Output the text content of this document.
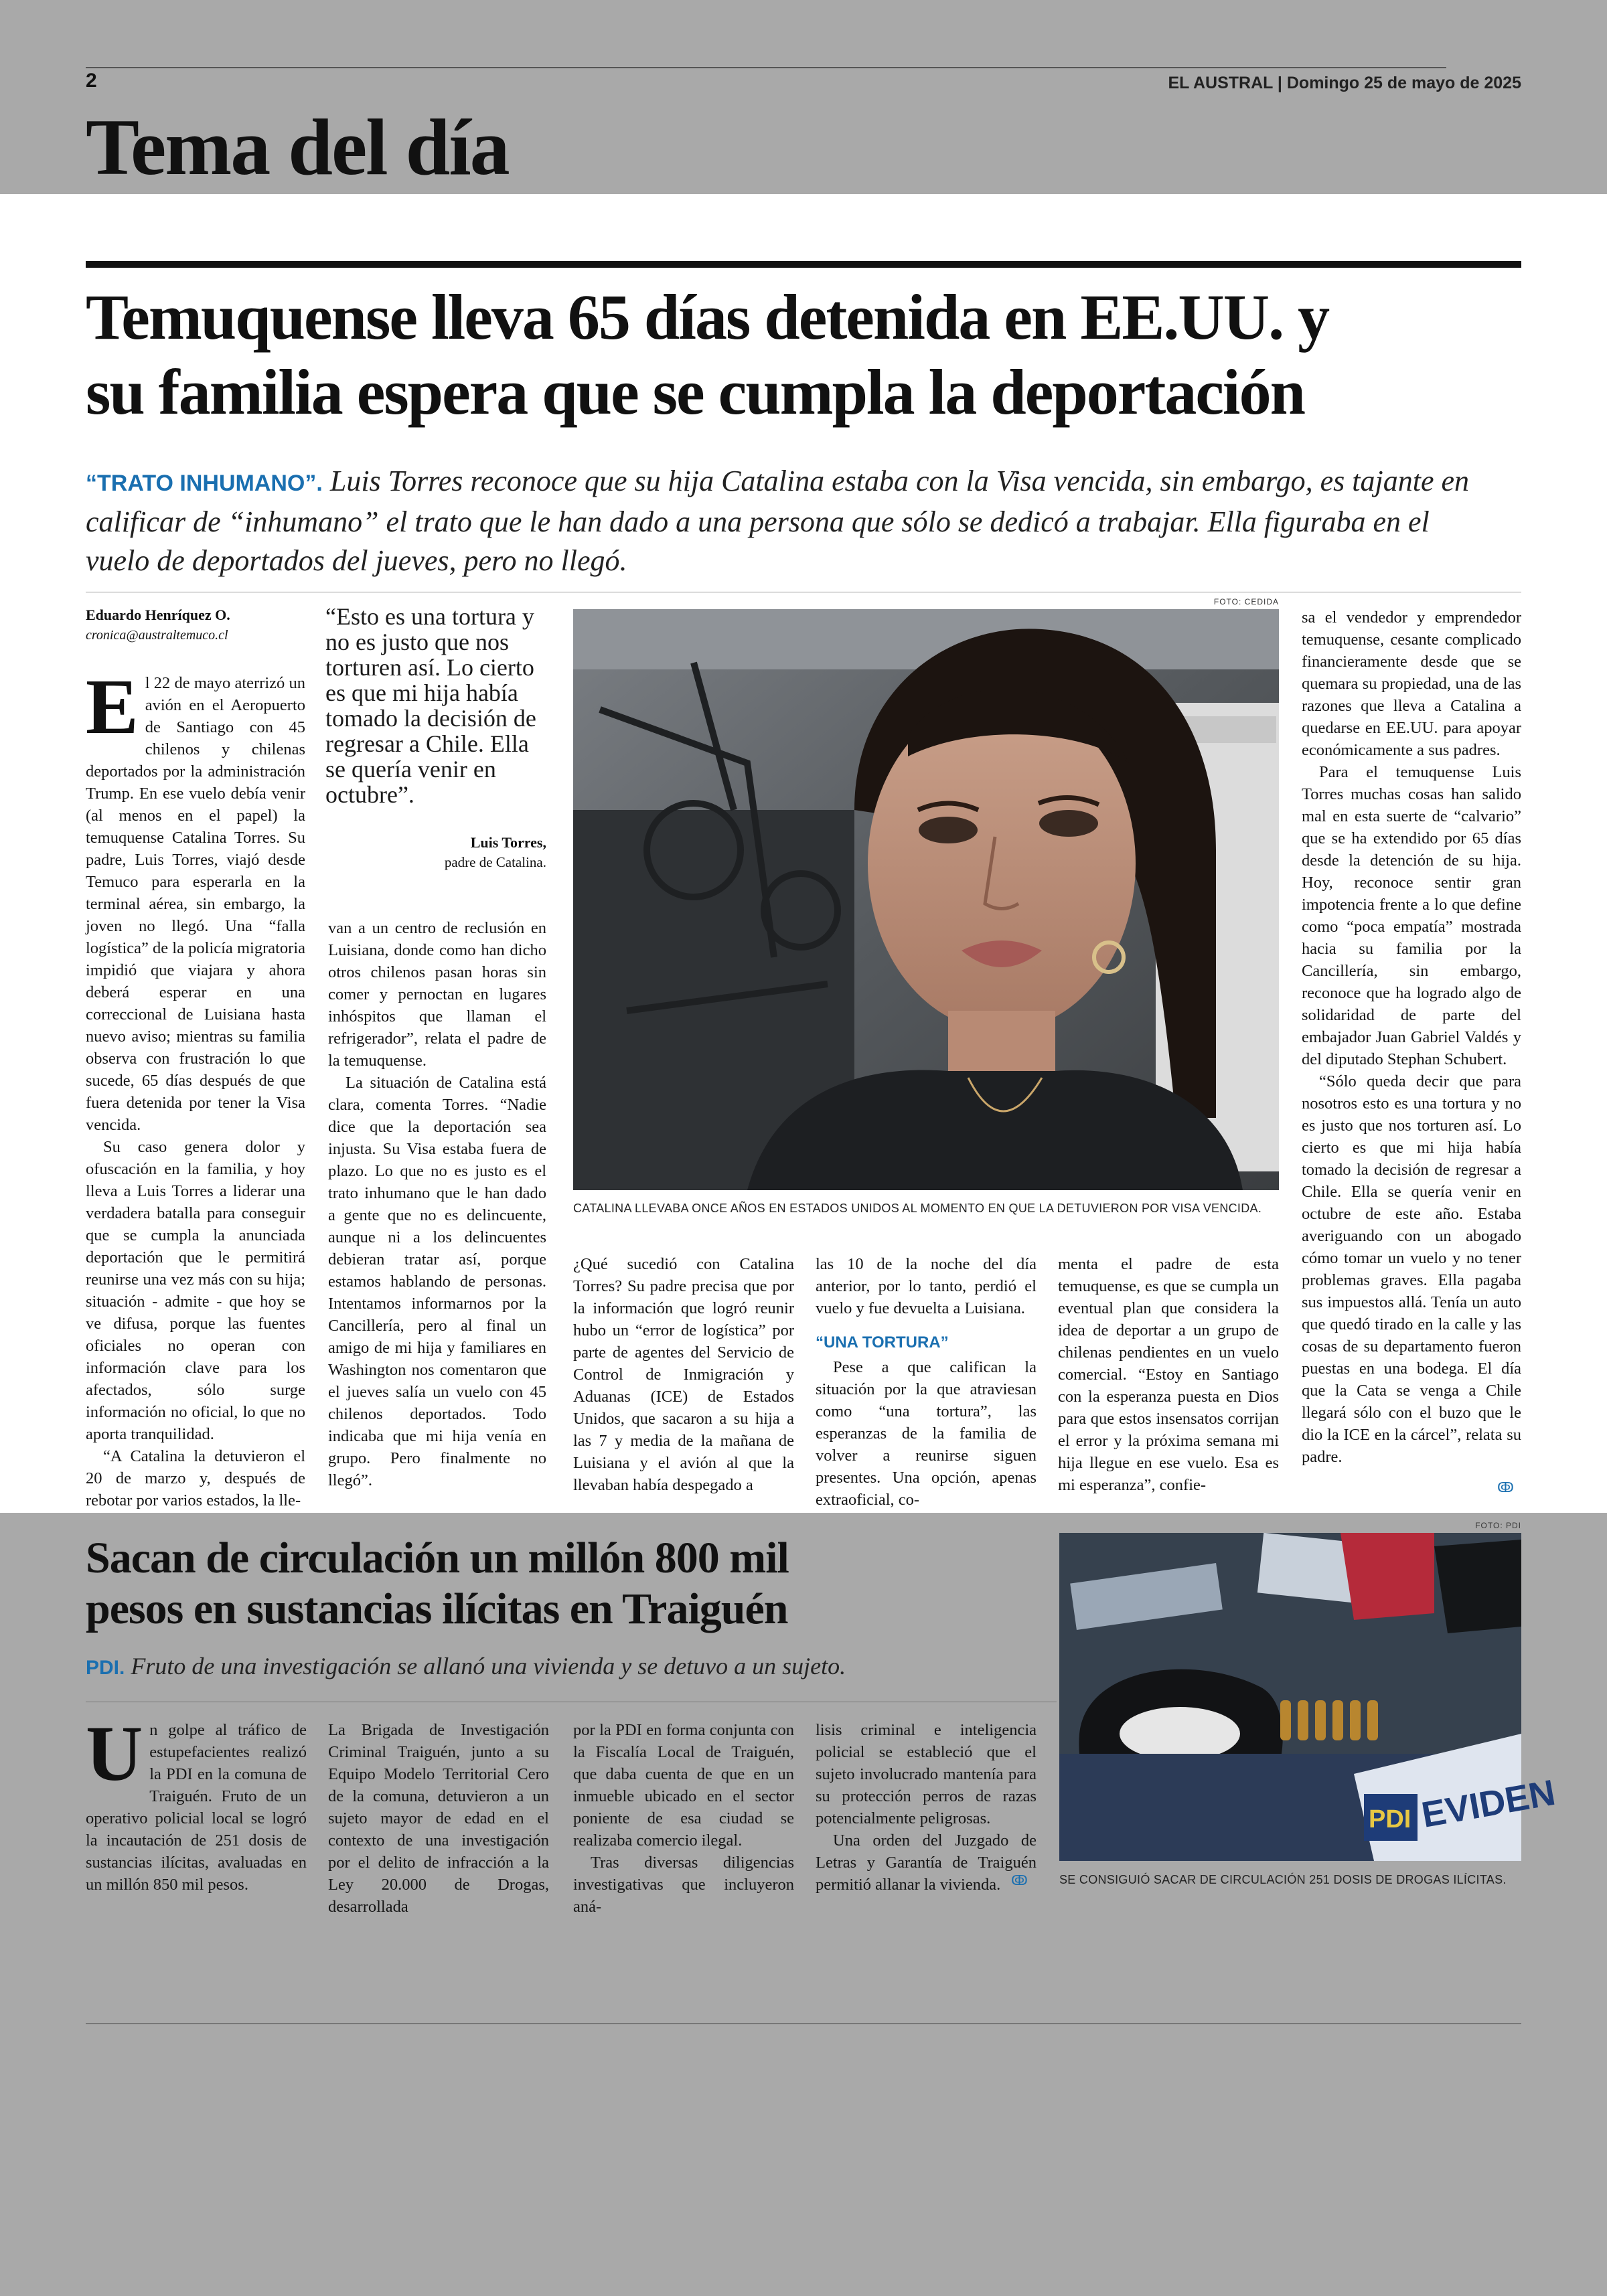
2	EL AUSTRAL | Domingo 25 de mayo de 2025
Tema del día
Temuquense lleva 65 días detenida en EE.UU. y
su familia espera que se cumpla la deportación
“TRATO INHUMANO”. Luis Torres reconoce que su hija Catalina estaba con la Visa vencida, sin embargo, es tajante en calificar de “inhumano” el trato que le han dado a una persona que sólo se dedicó a trabajar. Ella figuraba en el vuelo de deportados del jueves, pero no llegó.
Eduardo Henríquez O.
cronica@australtemuco.cl

El 22 de mayo aterrizó un avión en el Aeropuerto de Santiago con 45 chilenos y chilenas deportados por la administración Trump. En ese vuelo debía venir (al menos en el papel) la temuquense Catalina Torres. Su padre, Luis Torres, viajó desde Temuco para esperarla en la terminal aérea, sin embargo, la joven no llegó. Una “falla logística” de la policía migratoria impidió que viajara y ahora deberá esperar en una correccional de Luisiana hasta nuevo aviso; mientras su familia observa con frustración lo que sucede, 65 días después de que fuera detenida por tener la Visa vencida.

Su caso genera dolor y ofuscación en la familia, y hoy lleva a Luis Torres a liderar una verdadera batalla para conseguir que se cumpla la anunciada deportación que le permitirá reunirse una vez más con su hija; situación - admite - que hoy se ve difusa, porque las fuentes oficiales no operan con información clave para los afectados, sólo surge información no oficial, lo que no aporta tranquilidad.

“A Catalina la detuvieron el 20 de marzo y, después de rebotar por varios estados, la lle-

“Esto es una tortura y no es justo que nos torturen así. Lo cierto es que mi hija había tomado la decisión de regresar a Chile. Ella se quería venir en octubre”.
Luis Torres,
padre de Catalina.

van a un centro de reclusión en Luisiana, donde como han dicho otros chilenos pasan horas sin comer y pernoctan en lugares inhóspitos que llaman el refrigerador”, relata el padre de la temuquense.

La situación de Catalina está clara, comenta Torres. “Nadie dice que la deportación sea injusta. Su Visa estaba fuera de plazo. Lo que no es justo es el trato inhumano que le han dado a gente que no es delincuente, aunque ni a los delincuentes debieran tratar así, porque estamos hablando de personas. Intentamos informarnos por la Cancillería, pero al final un amigo de mi hija y familiares en Washington nos comentaron que el jueves salía un vuelo con 45 chilenos deportados. Todo indicaba que mi hija venía en grupo. Pero finalmente no llegó”.

FOTO: CEDIDA
CATALINA LLEVABA ONCE AÑOS EN ESTADOS UNIDOS AL MOMENTO EN QUE LA DETUVIERON POR VISA VENCIDA.

¿Qué sucedió con Catalina Torres? Su padre precisa que por la información que logró reunir hubo un “error de logística” por parte de agentes del Servicio de Control de Inmigración y Aduanas (ICE) de Estados Unidos, que sacaron a su hija a las 7 y media de la mañana de Luisiana y el avión al que la llevaban había despegado a

las 10 de la noche del día anterior, por lo tanto, perdió el vuelo y fue devuelta a Luisiana.

“UNA TORTURA”

Pese a que califican la situación por la que atraviesan como “una tortura”, las esperanzas de la familia de volver a reunirse siguen presentes. Una opción, apenas extraoficial, co-

menta el padre de esta temuquense, es que se cumpla un eventual plan que considera la idea de deportar a un grupo de chilenas pendientes en un vuelo comercial. “Estoy en Santiago con la esperanza puesta en Dios para que estos insensatos corrijan el error y la próxima semana mi hija llegue en ese vuelo. Esa es mi esperanza”, confie-

sa el vendedor y emprendedor temuquense, cesante complicado financieramente desde que se quemara su propiedad, una de las razones que lleva a Catalina a quedarse en EE.UU. para apoyar económicamente a sus padres.

Para el temuquense Luis Torres muchas cosas han salido mal en esta suerte de “calvario” que se ha extendido por 65 días desde la detención de su hija. Hoy, reconoce sentir gran impotencia frente a lo que define como “poca empatía” mostrada hacia su familia por la Cancillería, sin embargo, reconoce que ha logrado algo de solidaridad de parte del embajador Juan Gabriel Valdés y del diputado Stephan Schubert.

“Sólo queda decir que para nosotros esto es una tortura y no es justo que nos torturen así. Lo cierto es que mi hija había tomado la decisión de regresar a Chile. Ella se quería venir en octubre de este año. Estaba averiguando con un abogado cómo tomar un vuelo y no tener problemas graves. Ella pagaba sus impuestos allá. Tenía un auto que quedó tirado en la calle y las cosas de su departamento fueron puestas en una bodega. El día que la Cata se venga a Chile llegará sólo con el buzo que le dio la ICE en la cárcel”, relata su padre.

ↂ
Sacan de circulación un millón 800 mil
pesos en sustancias ilícitas en Traiguén
PDI. Fruto de una investigación se allanó una vivienda y se detuvo a un sujeto.

Un golpe al tráfico de estupefacientes realizó la PDI en la comuna de Traiguén. Fruto de un operativo policial local se logró la incautación de 251 dosis de sustancias ilícitas, avaluadas en un millón 850 mil pesos.

La Brigada de Investigación Criminal Traiguén, junto a su Equipo Modelo Territorial Cero de la comuna, detuvieron a un sujeto mayor de edad en el contexto de una investigación por el delito de infracción a la Ley 20.000 de Drogas, desarrollada

por la PDI en forma conjunta con la Fiscalía Local de Traiguén, que daba cuenta de que en un inmueble ubicado en el sector poniente de esa ciudad se realizaba comercio ilegal.

Tras diversas diligencias investigativas que incluyeron aná-

lisis criminal e inteligencia policial se estableció que el sujeto involucrado mantenía para su protección perros de razas potencialmente peligrosas.

Una orden del Juzgado de Letras y Garantía de Traiguén permitió allanar la vivienda. ↂ
FOTO: PDI
PDI EVIDEN
SE CONSIGUIÓ SACAR DE CIRCULACIÓN 251 DOSIS DE DROGAS ILÍCITAS.
